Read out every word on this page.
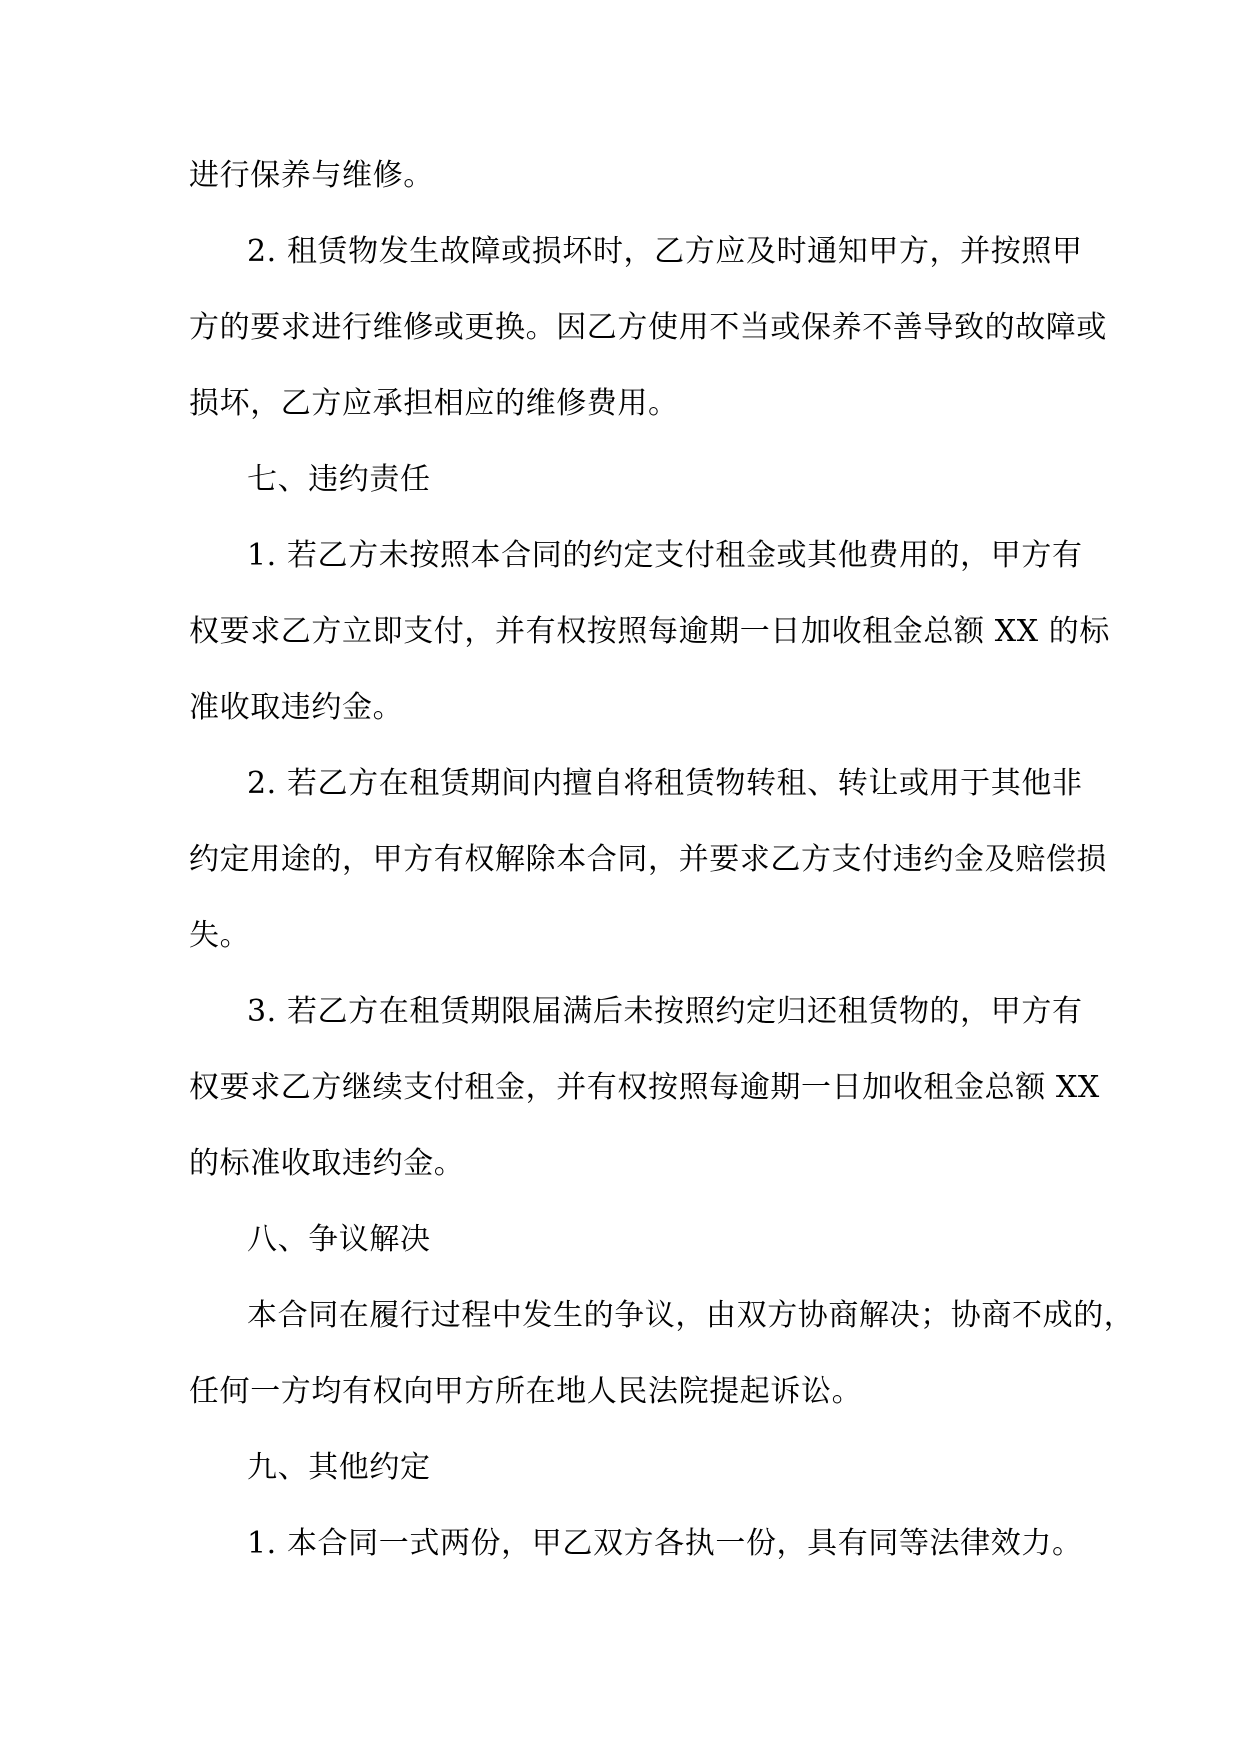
进行保养与维修。
2. 租赁物发生故障或损坏时，乙方应及时通知甲方，并按照甲
方的要求进行维修或更换。因乙方使用不当或保养不善导致的故障或
损坏，乙方应承担相应的维修费用。
七、违约责任
1. 若乙方未按照本合同的约定支付租金或其他费用的，甲方有
权要求乙方立即支付，并有权按照每逾期一日加收租金总额 XX 的标
准收取违约金。
2. 若乙方在租赁期间内擅自将租赁物转租、转让或用于其他非
约定用途的，甲方有权解除本合同，并要求乙方支付违约金及赔偿损
失。
3. 若乙方在租赁期限届满后未按照约定归还租赁物的，甲方有
权要求乙方继续支付租金，并有权按照每逾期一日加收租金总额 XX
的标准收取违约金。
八、争议解决
本合同在履行过程中发生的争议，由双方协商解决；协商不成的，
任何一方均有权向甲方所在地人民法院提起诉讼。
九、其他约定
1. 本合同一式两份，甲乙双方各执一份，具有同等法律效力。
